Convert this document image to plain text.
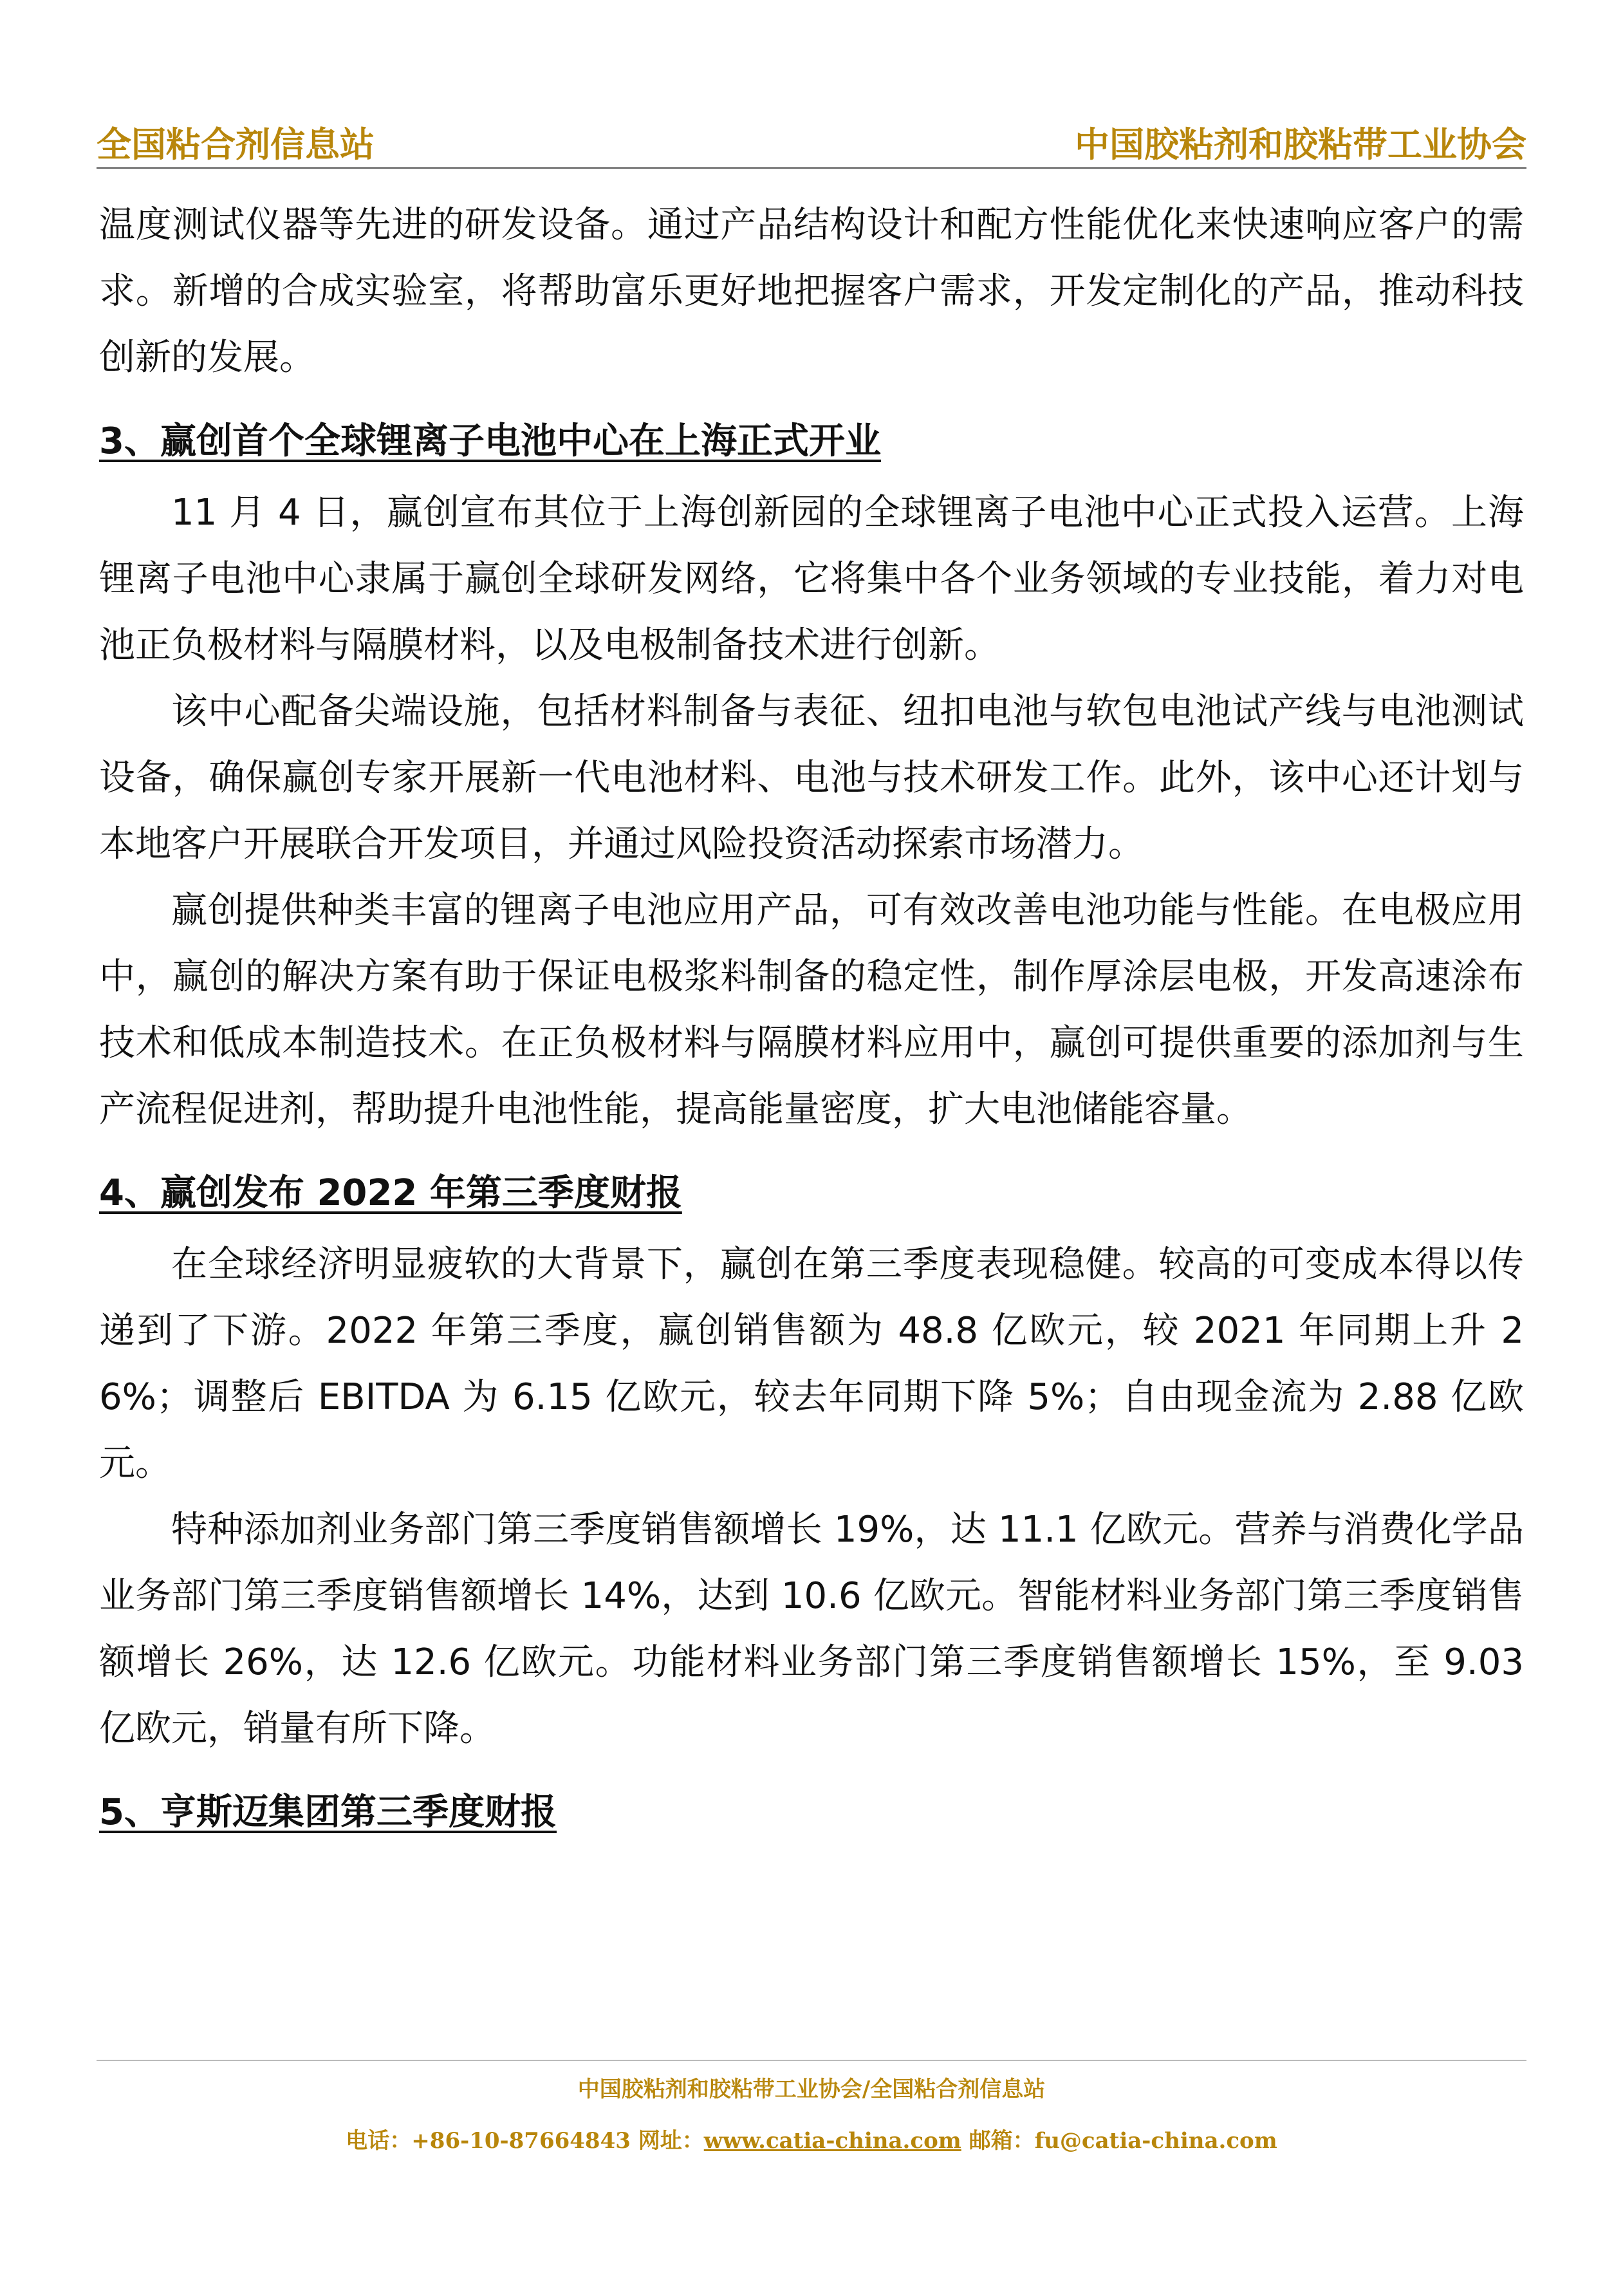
全国粘合剂信息站	中国胶粘剂和胶粘带工业协会

温度测试仪器等先进的研发设备。通过产品结构设计和配方性能优化来快速响应客户的需求。新增的合成实验室，将帮助富乐更好地把握客户需求，开发定制化的产品，推动科技创新的发展。

3、赢创首个全球锂离子电池中心在上海正式开业

11 月 4 日，赢创宣布其位于上海创新园的全球锂离子电池中心正式投入运营。上海锂离子电池中心隶属于赢创全球研发网络，它将集中各个业务领域的专业技能，着力对电池正负极材料与隔膜材料，以及电极制备技术进行创新。

该中心配备尖端设施，包括材料制备与表征、纽扣电池与软包电池试产线与电池测试设备，确保赢创专家开展新一代电池材料、电池与技术研发工作。此外，该中心还计划与本地客户开展联合开发项目，并通过风险投资活动探索市场潜力。

赢创提供种类丰富的锂离子电池应用产品，可有效改善电池功能与性能。在电极应用中，赢创的解决方案有助于保证电极浆料制备的稳定性，制作厚涂层电极，开发高速涂布技术和低成本制造技术。在正负极材料与隔膜材料应用中，赢创可提供重要的添加剂与生产流程促进剂，帮助提升电池性能，提高能量密度，扩大电池储能容量。

4、赢创发布 2022 年第三季度财报

在全球经济明显疲软的大背景下，赢创在第三季度表现稳健。较高的可变成本得以传递到了下游。2022 年第三季度，赢创销售额为 48.8 亿欧元，较 2021 年同期上升 26%；调整后 EBITDA 为 6.15 亿欧元，较去年同期下降 5%；自由现金流为 2.88 亿欧元。

特种添加剂业务部门第三季度销售额增长 19%，达 11.1 亿欧元。营养与消费化学品业务部门第三季度销售额增长 14%，达到 10.6 亿欧元。智能材料业务部门第三季度销售额增长 26%，达 12.6 亿欧元。功能材料业务部门第三季度销售额增长 15%，至 9.03 亿欧元，销量有所下降。

5、亨斯迈集团第三季度财报
中国胶粘剂和胶粘带工业协会/全国粘合剂信息站
电话：+86-10-87664843 网址：www.catia-china.com 邮箱：fu@catia-china.com
